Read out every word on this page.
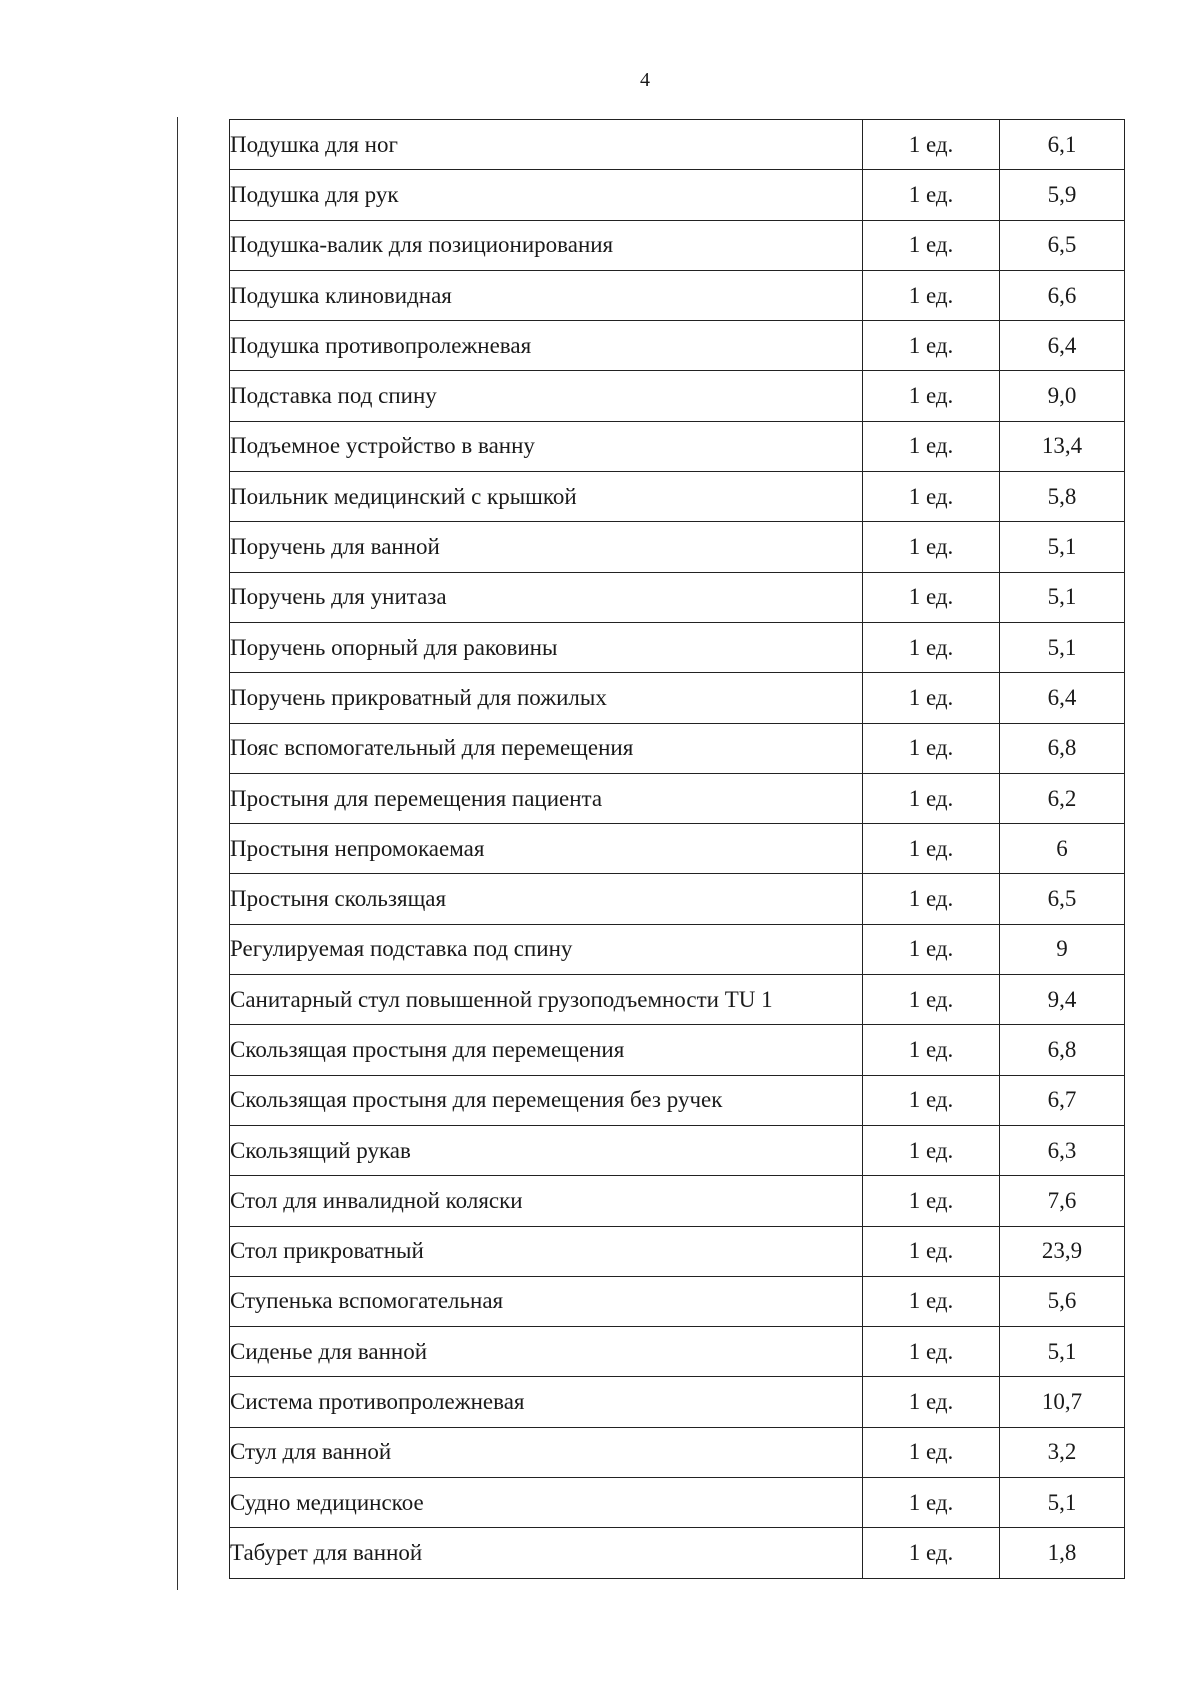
4
Подушка для ног	1 ед.	6,1
Подушка для рук	1 ед.	5,9
Подушка-валик для позиционирования	1 ед.	6,5
Подушка клиновидная	1 ед.	6,6
Подушка противопролежневая	1 ед.	6,4
Подставка под спину	1 ед.	9,0
Подъемное устройство в ванну	1 ед.	13,4
Поильник медицинский с крышкой	1 ед.	5,8
Поручень для ванной	1 ед.	5,1
Поручень для унитаза	1 ед.	5,1
Поручень опорный для раковины	1 ед.	5,1
Поручень прикроватный для пожилых	1 ед.	6,4
Пояс вспомогательный для перемещения	1 ед.	6,8
Простыня для перемещения пациента	1 ед.	6,2
Простыня непромокаемая	1 ед.	6
Простыня скользящая	1 ед.	6,5
Регулируемая подставка под спину	1 ед.	9
Санитарный стул повышенной грузоподъемности TU 1	1 ед.	9,4
Скользящая простыня для перемещения	1 ед.	6,8
Скользящая простыня для перемещения без ручек	1 ед.	6,7
Скользящий рукав	1 ед.	6,3
Стол для инвалидной коляски	1 ед.	7,6
Стол прикроватный	1 ед.	23,9
Ступенька вспомогательная	1 ед.	5,6
Сиденье для ванной	1 ед.	5,1
Система противопролежневая	1 ед.	10,7
Стул для ванной	1 ед.	3,2
Судно медицинское	1 ед.	5,1
Табурет для ванной	1 ед.	1,8
